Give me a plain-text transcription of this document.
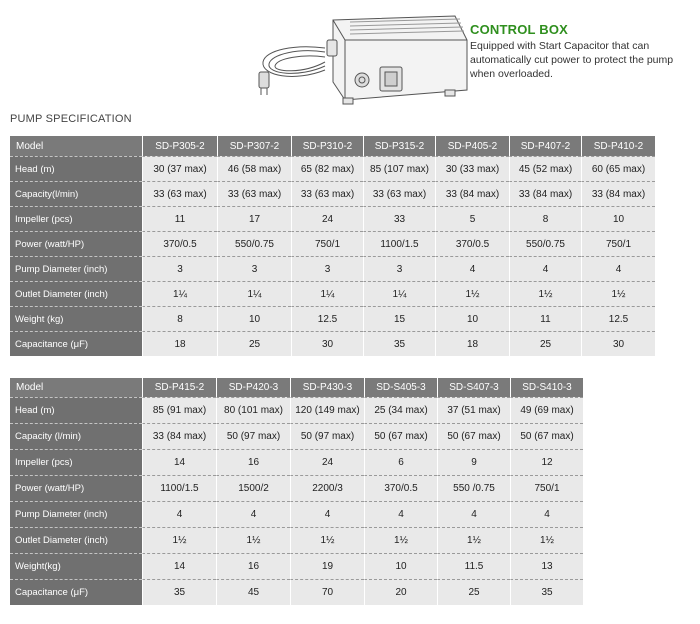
CONTROL BOX
Equipped with Start Capacitor that can automatically cut power to protect the pump when overloaded.
PUMP SPECIFICATION
Model	SD-P305-2	SD-P307-2	SD-P310-2	SD-P315-2	SD-P405-2	SD-P407-2	SD-P410-2
Head (m)	30 (37 max)	46 (58 max)	65 (82 max)	85 (107 max)	30 (33 max)	45 (52 max)	60 (65 max)
Capacity(l/min)	33 (63 max)	33 (63 max)	33 (63 max)	33 (63 max)	33 (84 max)	33 (84 max)	33 (84 max)
Impeller (pcs)	11	17	24	33	5	8	10
Power (watt/HP)	370/0.5	550/0.75	750/1	1100/1.5	370/0.5	550/0.75	750/1
Pump Diameter (inch)	3	3	3	3	4	4	4
Outlet Diameter (inch)	1¼	1¼	1¼	1¼	1½	1½	1½
Weight (kg)	8	10	12.5	15	10	11	12.5
Capacitance (μF)	18	25	30	35	18	25	30
Model	SD-P415-2	SD-P420-3	SD-P430-3	SD-S405-3	SD-S407-3	SD-S410-3
Head (m)	85 (91 max)	80 (101 max)	120 (149 max)	25 (34 max)	37 (51 max)	49 (69 max)
Capacity (l/min)	33 (84 max)	50 (97 max)	50 (97 max)	50 (67 max)	50 (67 max)	50 (67 max)
Impeller (pcs)	14	16	24	6	9	12
Power (watt/HP)	1100/1.5	1500/2	2200/3	370/0.5	550 /0.75	750/1
Pump Diameter (inch)	4	4	4	4	4	4
Outlet Diameter (inch)	1½	1½	1½	1½	1½	1½
Weight(kg)	14	16	19	10	11.5	13
Capacitance (μF)	35	45	70	20	25	35
